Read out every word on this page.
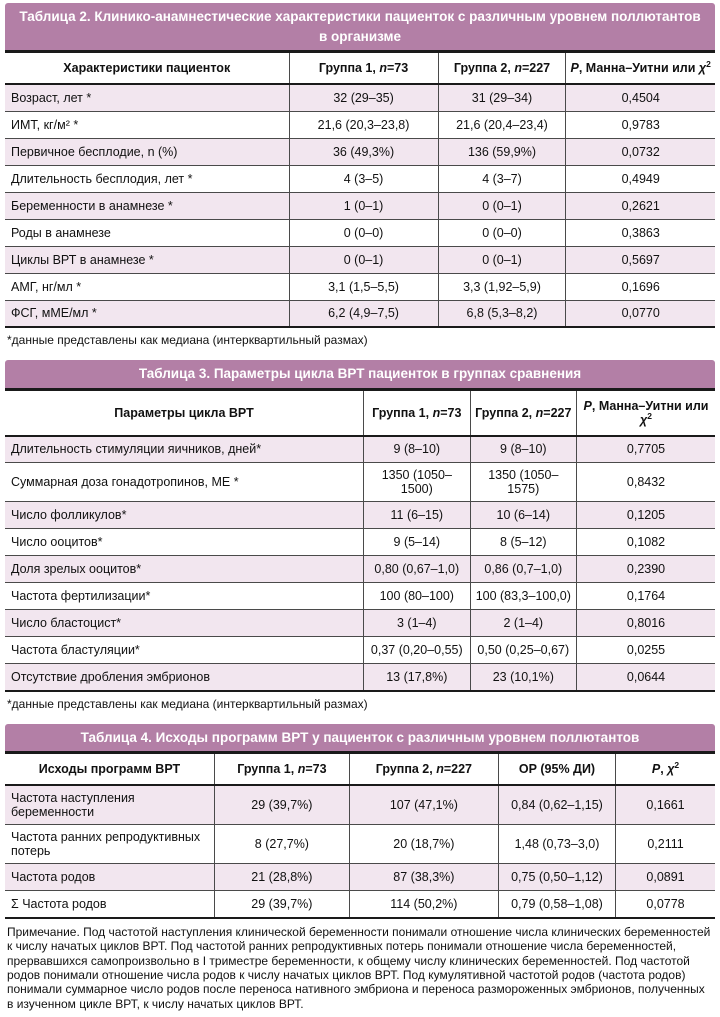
Таблица 2. Клинико-анамнестические характеристики пациенток с различным уровнем поллютантов в организме
Характеристики пациенток	Группа 1, n=73	Группа 2, n=227	P, Манна–Уитни или $\chi^2$
Возраст, лет *	32 (29–35)	31 (29–34)	0,4504
ИМТ, кг/м² *	21,6 (20,3–23,8)	21,6 (20,4–23,4)	0,9783
Первичное бесплодие, n (%)	36 (49,3%)	136 (59,9%)	0,0732
Длительность бесплодия, лет *	4 (3–5)	4 (3–7)	0,4949
Беременности в анамнезе *	1 (0–1)	0 (0–1)	0,2621
Роды в анамнезе	0 (0–0)	0 (0–0)	0,3863
Циклы ВРТ в анамнезе *	0 (0–1)	0 (0–1)	0,5697
АМГ, нг/мл *	3,1 (1,5–5,5)	3,3 (1,92–5,9)	0,1696
ФСГ, мМЕ/мл *	6,2 (4,9–7,5)	6,8 (5,3–8,2)	0,0770
*данные представлены как медиана (интерквартильный размах)
Таблица 3. Параметры цикла ВРТ пациенток в группах сравнения
Параметры цикла ВРТ	Группа 1, n=73	Группа 2, n=227	P, Манна–Уитни или $\chi^2$
Длительность стимуляции яичников, дней*	9 (8–10)	9 (8–10)	0,7705
Суммарная доза гонадотропинов, МЕ *	1350 (1050–1500)	1350 (1050–1575)	0,8432
Число фолликулов*	11 (6–15)	10 (6–14)	0,1205
Число ооцитов*	9 (5–14)	8 (5–12)	0,1082
Доля зрелых ооцитов*	0,80 (0,67–1,0)	0,86 (0,7–1,0)	0,2390
Частота фертилизации*	100 (80–100)	100 (83,3–100,0)	0,1764
Число бластоцист*	3 (1–4)	2 (1–4)	0,8016
Частота бластуляции*	0,37 (0,20–0,55)	0,50 (0,25–0,67)	0,0255
Отсутствие дробления эмбрионов	13 (17,8%)	23 (10,1%)	0,0644
*данные представлены как медиана (интерквартильный размах)
Таблица 4. Исходы программ ВРТ у пациенток с различным уровнем поллютантов
Исходы программ ВРТ	Группа 1, n=73	Группа 2, n=227	ОР (95% ДИ)	P, $\chi^2$
Частота наступления беременности	29 (39,7%)	107 (47,1%)	0,84 (0,62–1,15)	0,1661
Частота ранних репродуктивных потерь	8 (27,7%)	20 (18,7%)	1,48 (0,73–3,0)	0,2111
Частота родов	21 (28,8%)	87 (38,3%)	0,75 (0,50–1,12)	0,0891
Σ Частота родов	29 (39,7%)	114 (50,2%)	0,79 (0,58–1,08)	0,0778
Примечание. Под частотой наступления клинической беременности понимали отношение числа клинических беременностей к числу начатых циклов ВРТ. Под частотой ранних репродуктивных потерь понимали отношение числа беременностей, прервавшихся самопроизвольно в I триместре беременности, к общему числу клинических беременностей. Под частотой родов понимали отношение числа родов к числу начатых циклов ВРТ. Под кумулятивной частотой родов (частота родов) понимали суммарное число родов после переноса нативного эмбриона и переноса размороженных эмбрионов, полученных в изученном цикле ВРТ, к числу начатых циклов ВРТ.
